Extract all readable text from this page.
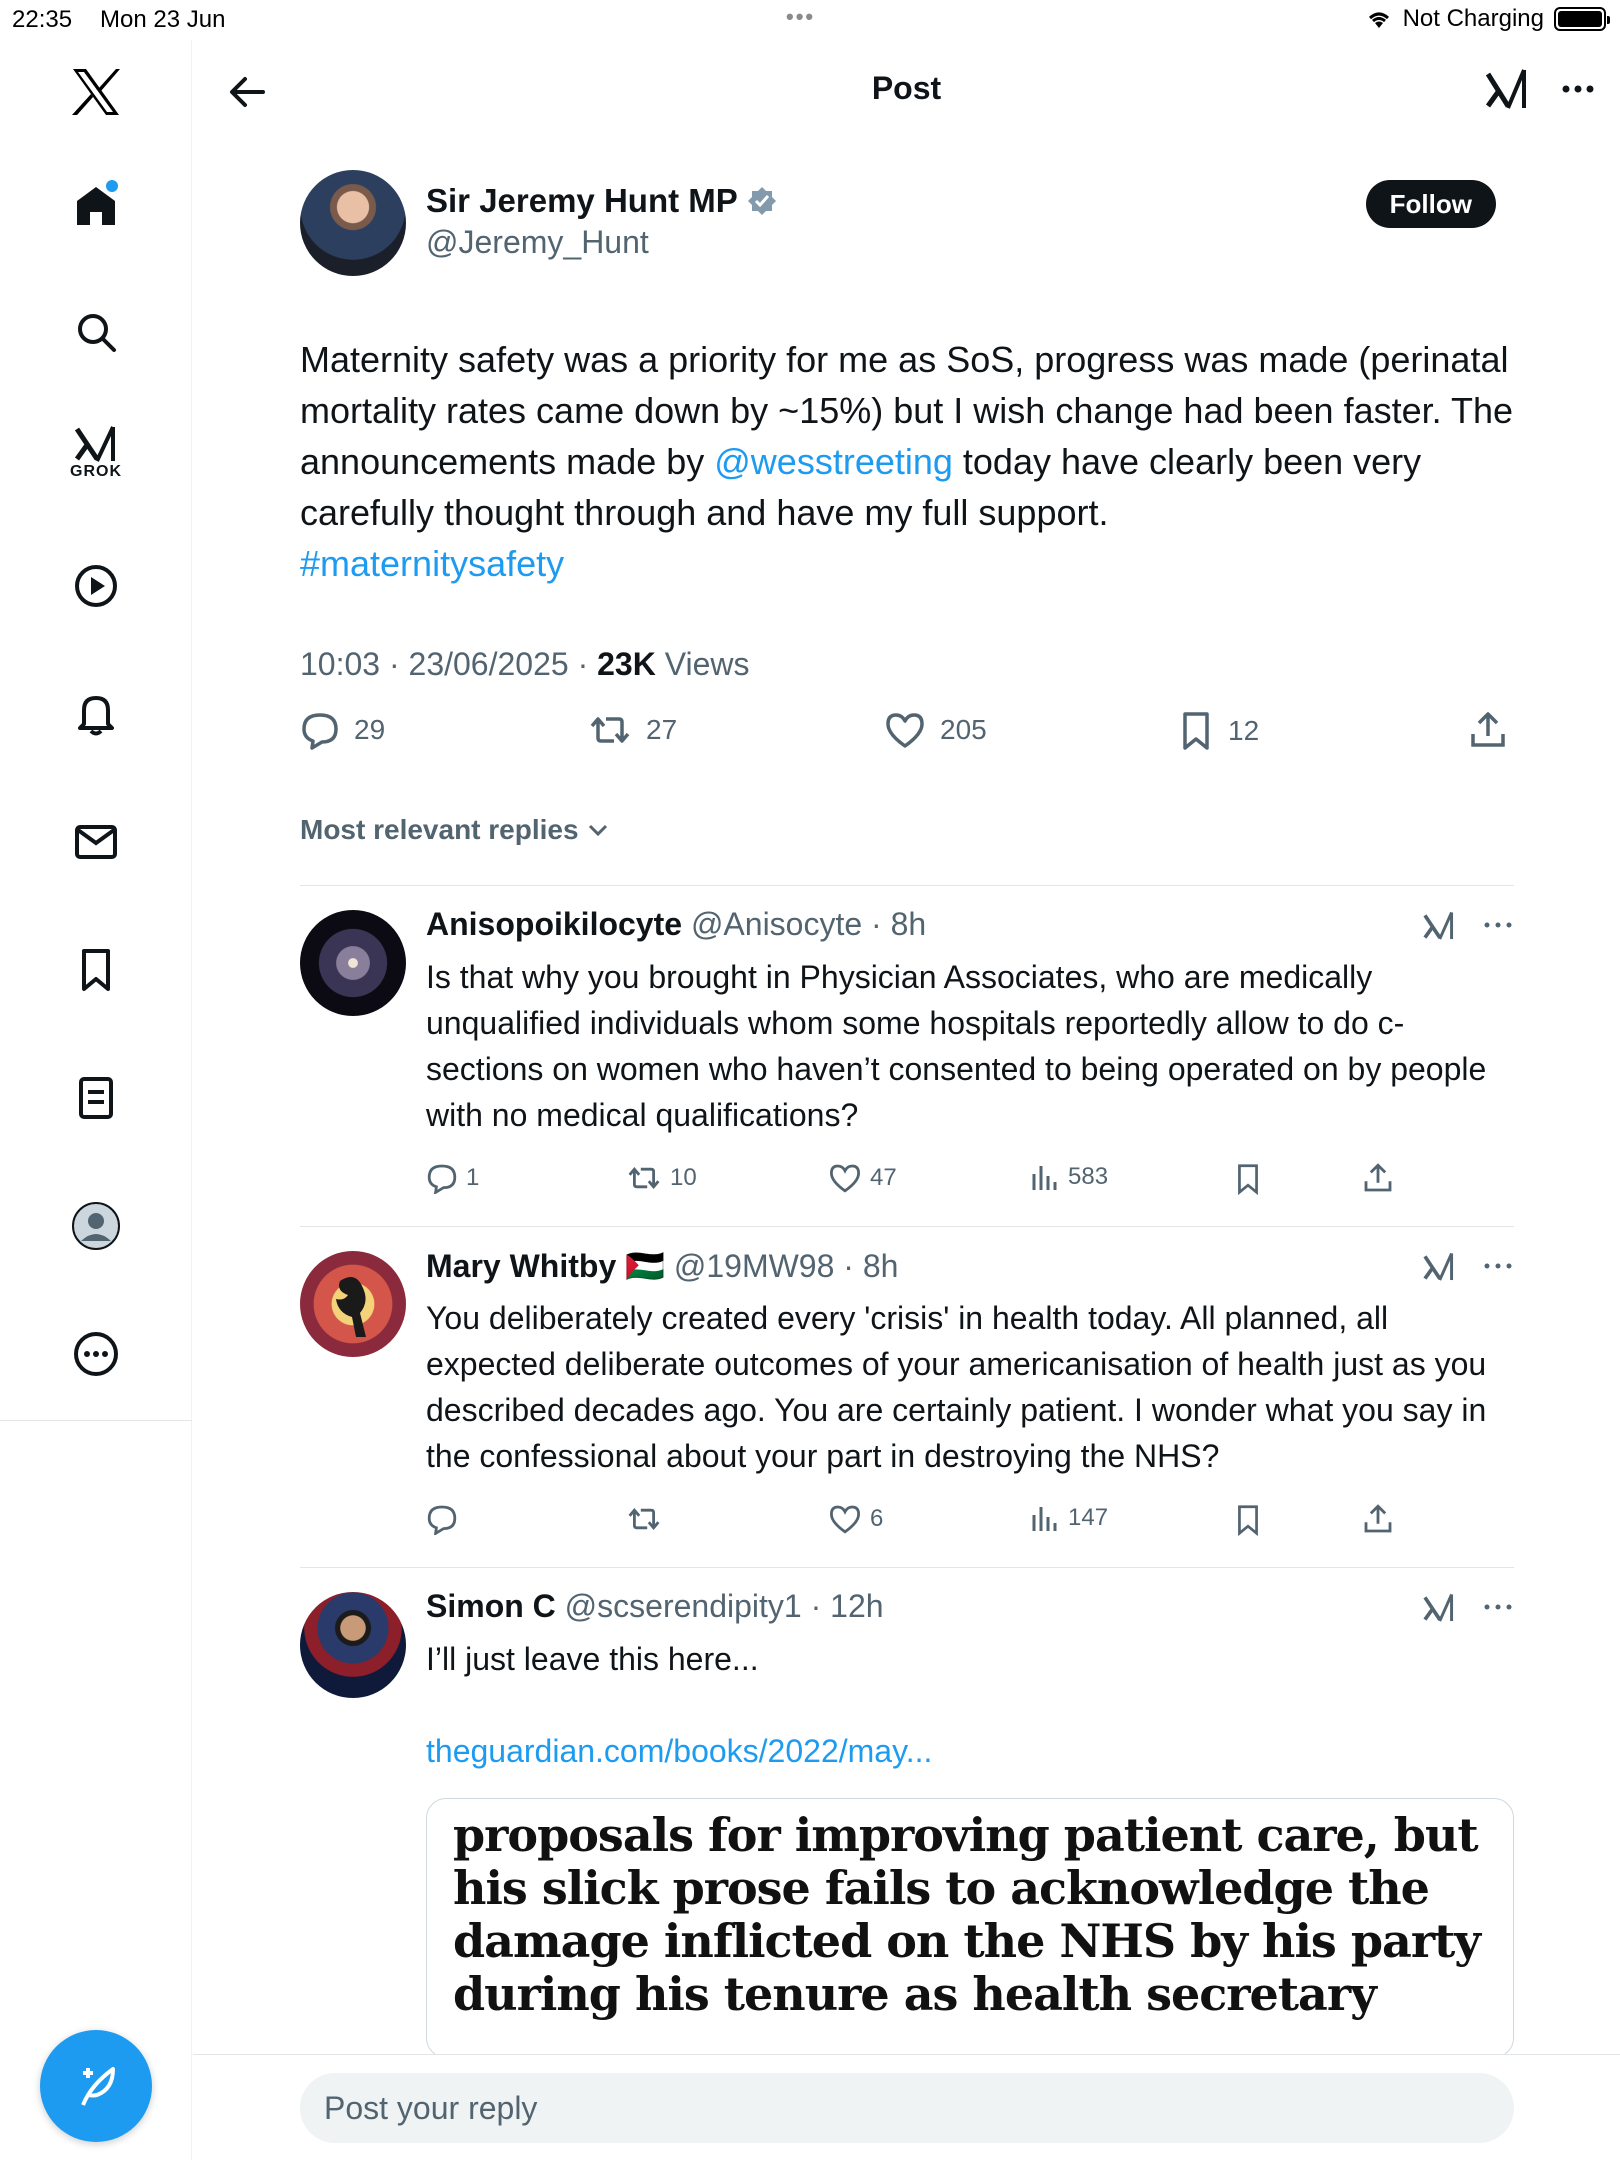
22:35 Mon 23 Jun	•••	Not Charging
GROK
Post
Sir Jeremy Hunt MP
@Jeremy_Hunt
Follow
Maternity safety was a priority for me as SoS, progress was made (perinatal mortality rates came down by ~15%) but I wish change had been faster. The announcements made by @wesstreeting today have clearly been very carefully thought through and have my full support.
#maternitysafety
10:03 · 23/06/2025 · 23K Views
29	27	205	12
Most relevant replies
Anisopoikilocyte @Anisocyte · 8h

Is that why you brought in Physician Associates, who are medically unqualified individuals whom some hospitals reportedly allow to do c-sections on women who haven’t consented to being operated on by people with no medical qualifications?

1	10	47	583
Mary Whitby 🇵🇸 @19MW98 · 8h

You deliberately created every 'crisis' in health today. All planned, all expected deliberate outcomes of your americanisation of health just as you described decades ago. You are certainly patient. I wonder what you say in the confessional about your part in destroying the NHS?

6	147
Simon C @scserendipity1 · 12h

I’ll just leave this here...

theguardian.com/books/2022/may...

proposals for improving patient care, but his slick prose fails to acknowledge the damage inflicted on the NHS by his party during his tenure as health secretary

Post your reply
